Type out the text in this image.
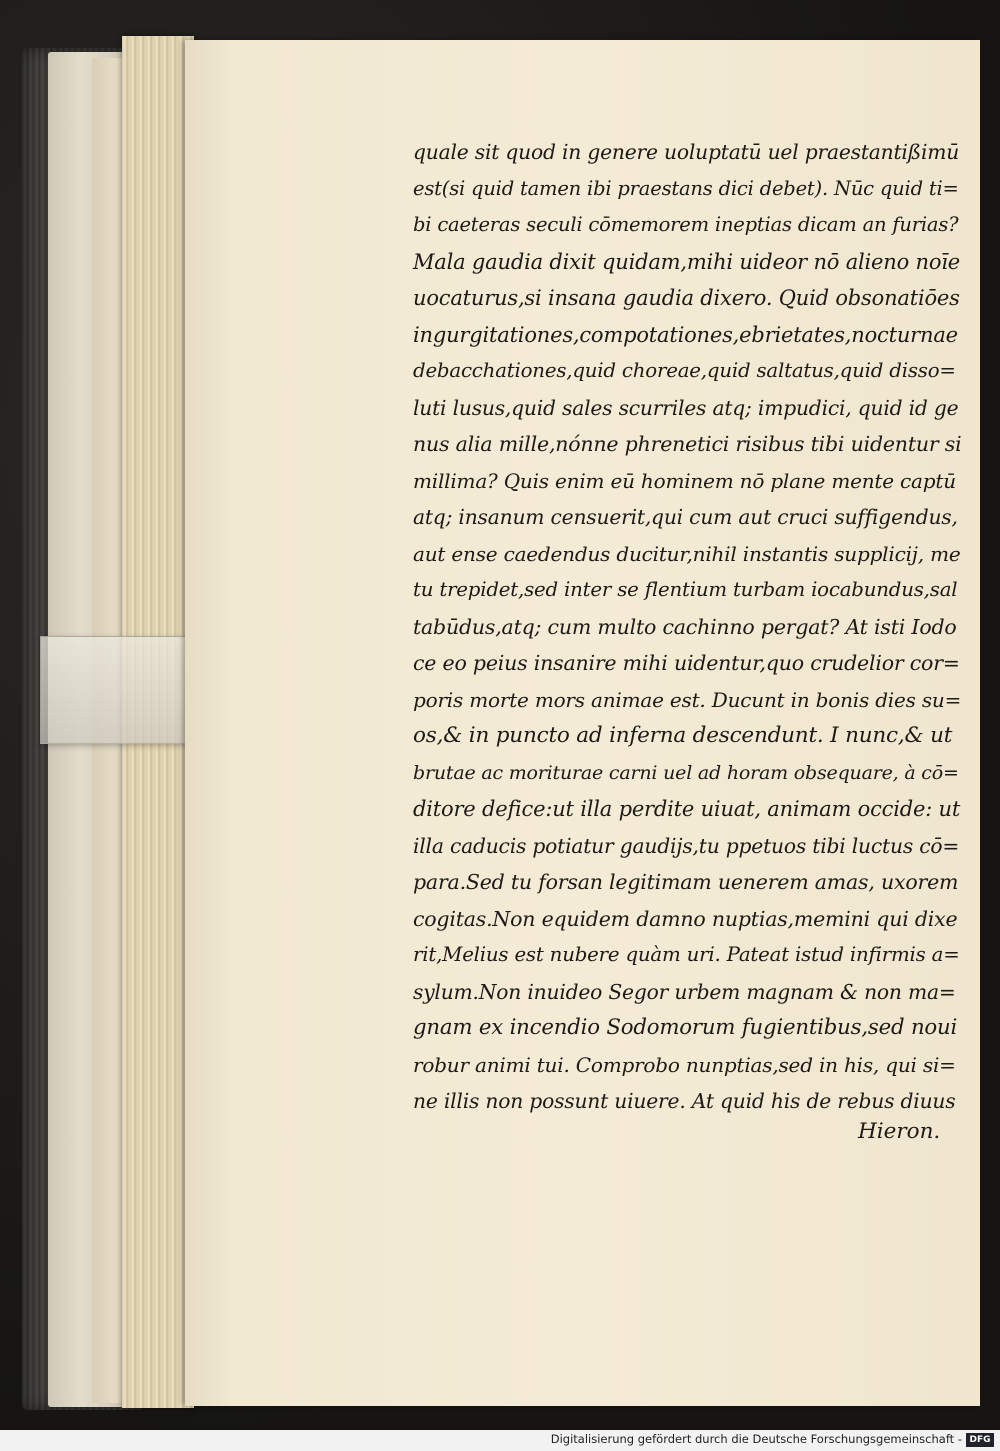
quale sit quod in genere uoluptatū uel praestantißimū
est(si quid tamen ibi praestans dici debet). Nūc quid ti=
bi caeteras seculi cōmemorem ineptias dicam an furias?
Mala gaudia dixit quidam,mihi uideor nō alieno noīe
uocaturus,si insana gaudia dixero. Quid obsonatiōes
ingurgitationes,compotationes,ebrietates,nocturnae
debacchationes,quid choreae,quid saltatus,quid disso=
luti lusus,quid sales scurriles atq; impudici, quid id ge
nus alia mille,nónne phrenetici risibus tibi uidentur si
millima? Quis enim eū hominem nō plane mente captū
atq; insanum censuerit,qui cum aut cruci suffigendus,
aut ense caedendus ducitur,nihil instantis supplicij, me
tu trepidet,sed inter se flentium turbam iocabundus,sal
tabūdus,atq; cum multo cachinno pergat? At isti Iodo
ce eo peius insanire mihi uidentur,quo crudelior cor=
poris morte mors animae est. Ducunt in bonis dies su=
os,& in puncto ad inferna descendunt. I nunc,& ut
brutae ac moriturae carni uel ad horam obsequare, à cō=
ditore defice:ut illa perdite uiuat, animam occide: ut
illa caducis potiatur gaudijs,tu ppetuos tibi luctus cō=
para.Sed tu forsan legitimam uenerem amas, uxorem
cogitas.Non equidem damno nuptias,memini qui dixe
rit,Melius est nubere quàm uri. Pateat istud infirmis a=
sylum.Non inuideo Segor urbem magnam & non ma=
gnam ex incendio Sodomorum fugientibus,sed noui
robur animi tui. Comprobo nunptias,sed in his, qui si=
ne illis non possunt uiuere. At quid his de rebus diuus
Hieron.
Digitalisierung gefördert durch die Deutsche Forschungsgemeinschaft - DFG
